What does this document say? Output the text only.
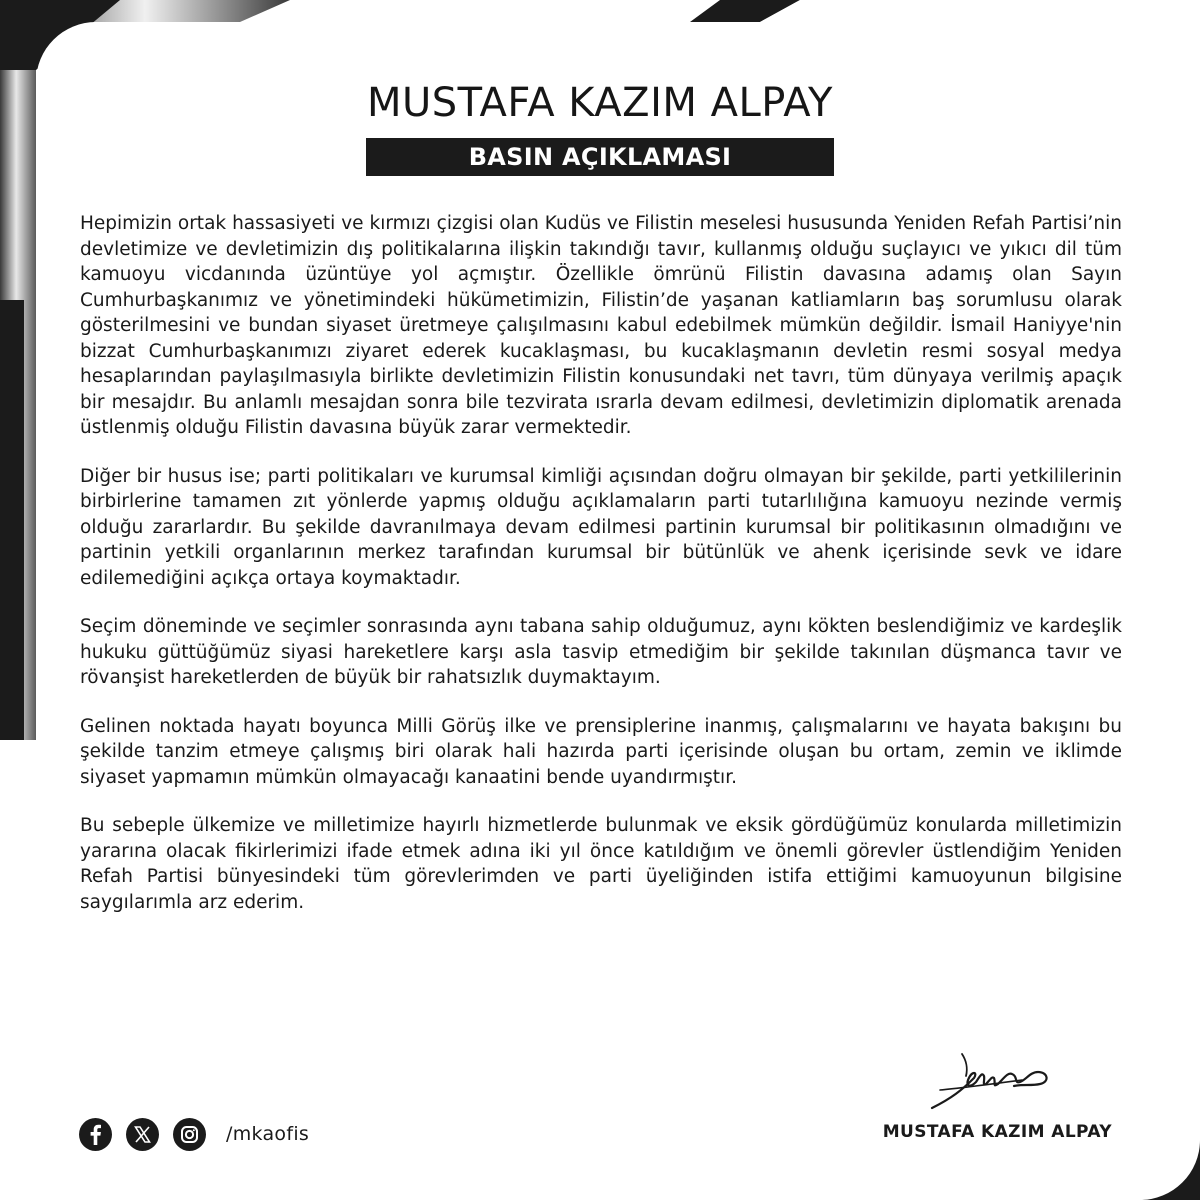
MUSTAFA KAZIM ALPAY
BASIN AÇIKLAMASI

Hepimizin ortak hassasiyeti ve kırmızı çizgisi olan Kudüs ve Filistin meselesi hususunda Yeniden Refah Partisi’nin devletimize ve devletimizin dış politikalarına ilişkin takındığı tavır, kullanmış olduğu suçlayıcı ve yıkıcı dil tüm kamuoyu vicdanında üzüntüye yol açmıştır. Özellikle ömrünü Filistin davasına adamış olan Sayın Cumhurbaşkanımız ve yönetimindeki hükümetimizin, Filistin’de yaşanan katliamların baş sorumlusu olarak gösterilmesini ve bundan siyaset üretmeye çalışılmasını kabul edebilmek mümkün değildir. İsmail Haniyye'nin bizzat Cumhurbaşkanımızı ziyaret ederek kucaklaşması, bu kucaklaşmanın devletin resmi sosyal medya hesaplarından paylaşılmasıyla birlikte devletimizin Filistin konusundaki net tavrı, tüm dünyaya verilmiş apaçık bir mesajdır. Bu anlamlı mesajdan sonra bile tezvirata ısrarla devam edilmesi, devletimizin diplomatik arenada üstlenmiş olduğu Filistin davasına büyük zarar vermektedir.

Diğer bir husus ise; parti politikaları ve kurumsal kimliği açısından doğru olmayan bir şekilde, parti yetkililerinin birbirlerine tamamen zıt yönlerde yapmış olduğu açıklamaların parti tutarlılığına kamuoyu nezinde vermiş olduğu zararlardır. Bu şekilde davranılmaya devam edilmesi partinin kurumsal bir politikasının olmadığını ve partinin yetkili organlarının merkez tarafından kurumsal bir bütünlük ve ahenk içerisinde sevk ve idare edilemediğini açıkça ortaya koymaktadır.

Seçim döneminde ve seçimler sonrasında aynı tabana sahip olduğumuz, aynı kökten beslendiğimiz ve kardeşlik hukuku güttüğümüz siyasi hareketlere karşı asla tasvip etmediğim bir şekilde takınılan düşmanca tavır ve rövanşist hareketlerden de büyük bir rahatsızlık duymaktayım.

Gelinen noktada hayatı boyunca Milli Görüş ilke ve prensiplerine inanmış, çalışmalarını ve hayata bakışını bu şekilde tanzim etmeye çalışmış biri olarak hali hazırda parti içerisinde oluşan bu ortam, zemin ve iklimde siyaset yapmamın mümkün olmayacağı kanaatini bende uyandırmıştır.

Bu sebeple ülkemize ve milletimize hayırlı hizmetlerde bulunmak ve eksik gördüğümüz konularda milletimizin yararına olacak fikirlerimizi ifade etmek adına iki yıl önce katıldığım ve önemli görevler üstlendiğim Yeniden Refah Partisi bünyesindeki tüm görevlerimden ve parti üyeliğinden istifa ettiğimi kamuoyunun bilgisine saygılarımla arz ederim.

/mkaofis	MUSTAFA KAZIM ALPAY
